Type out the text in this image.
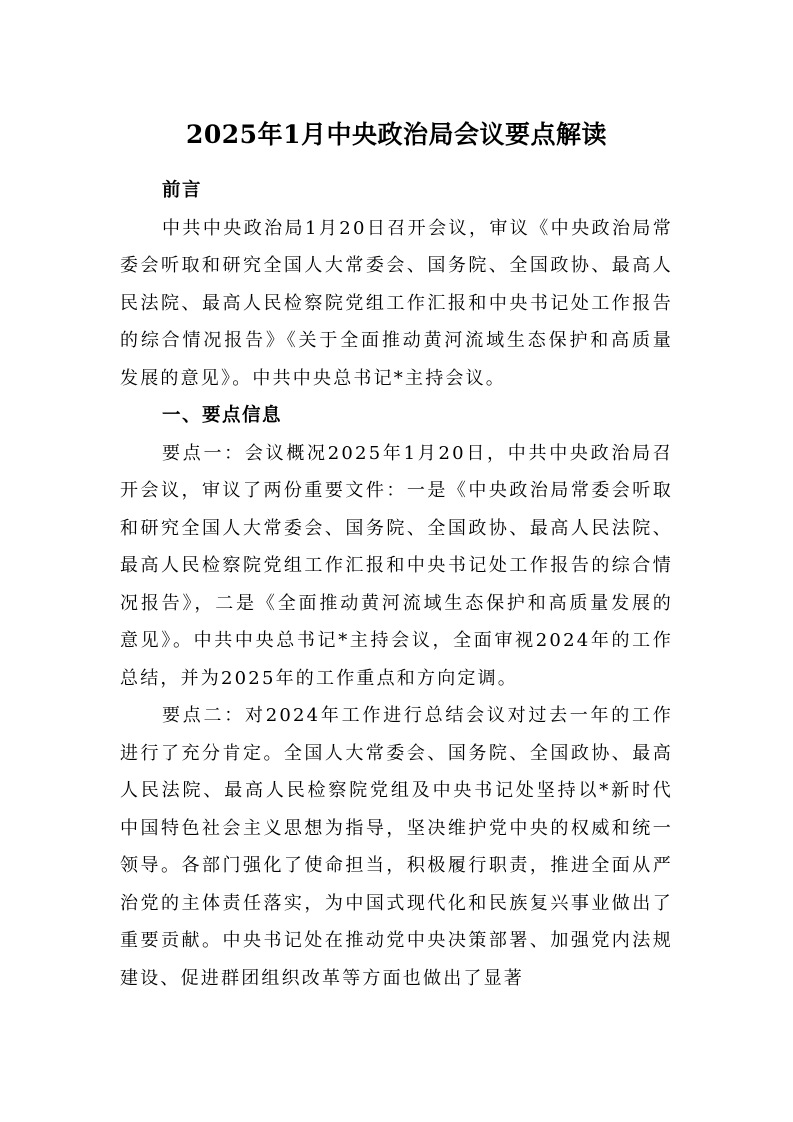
2025年1月中央政治局会议要点解读
前言

中共中央政治局1月20日召开会议，审议《中央政治局常委会听取和研究全国人大常委会、国务院、全国政协、最高人民法院、最高人民检察院党组工作汇报和中央书记处工作报告的综合情况报告》《关于全面推动黄河流域生态保护和高质量发展的意见》。中共中央总书记*主持会议。

一、要点信息

要点一：会议概况2025年1月20日，中共中央政治局召开会议，审议了两份重要文件：一是《中央政治局常委会听取和研究全国人大常委会、国务院、全国政协、最高人民法院、最高人民检察院党组工作汇报和中央书记处工作报告的综合情况报告》，二是《全面推动黄河流域生态保护和高质量发展的意见》。中共中央总书记*主持会议，全面审视2024年的工作总结，并为2025年的工作重点和方向定调。

要点二：对2024年工作进行总结会议对过去一年的工作进行了充分肯定。全国人大常委会、国务院、全国政协、最高人民法院、最高人民检察院党组及中央书记处坚持以*新时代中国特色社会主义思想为指导，坚决维护党中央的权威和统一领导。各部门强化了使命担当，积极履行职责，推进全面从严治党的主体责任落实，为中国式现代化和民族复兴事业做出了重要贡献。中央书记处在推动党中央决策部署、加强党内法规建设、促进群团组织改革等方面也做出了显著
